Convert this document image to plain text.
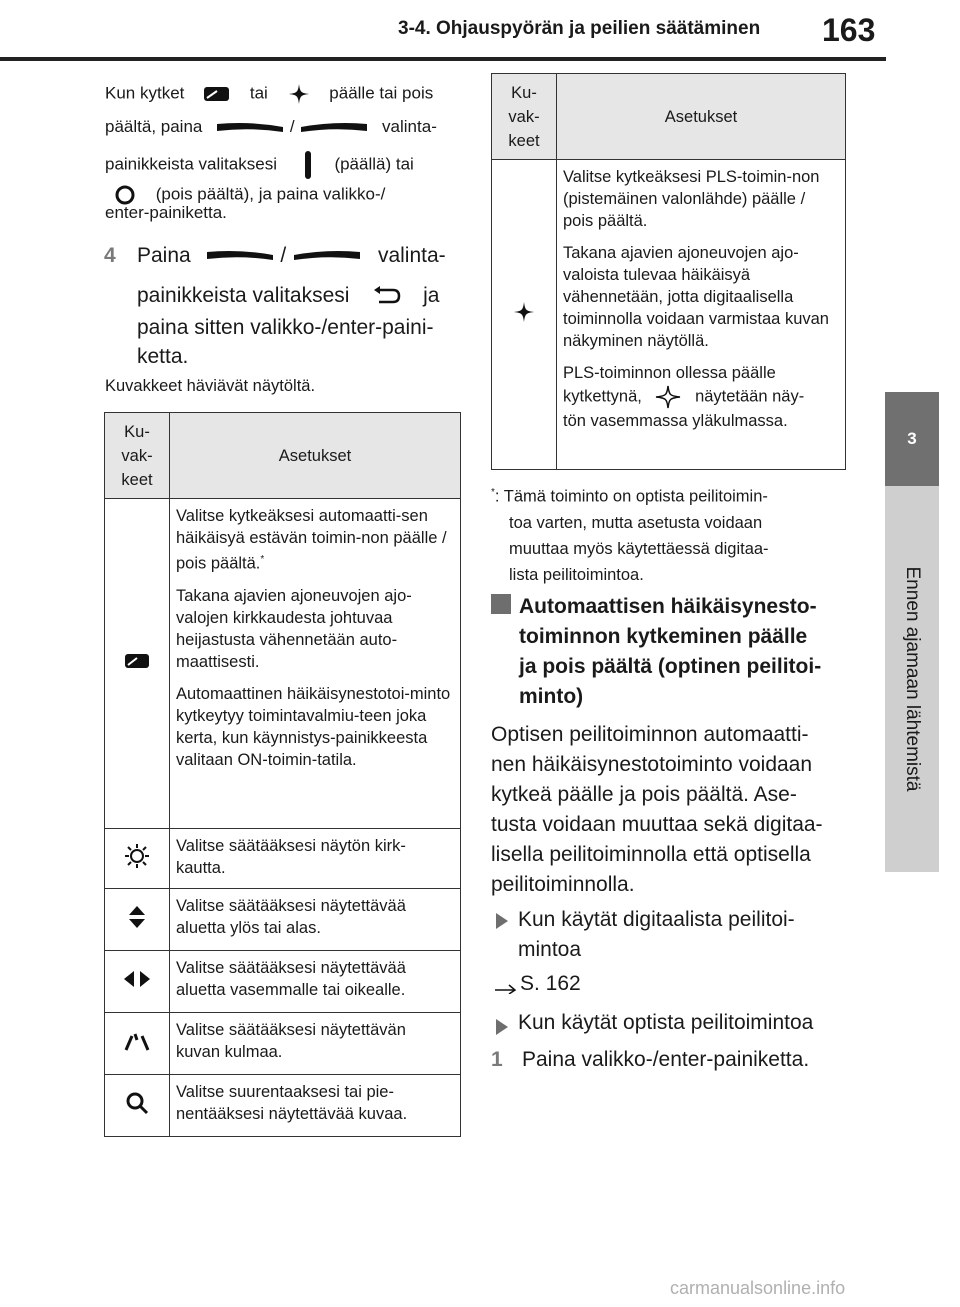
3-4. Ohjauspyörän ja peilien säätäminen 163
3
Ennen ajamaan lähtemistä
Kun kytket	tai	päälle tai pois
päältä, paina	/	valinta-
painikkeista valitaksesi	(päällä) tai
(pois päältä), ja paina valikko-/
enter-painiketta.
4 Paina	/	valinta-
painikkeista valitaksesi	ja
paina sitten valikko-/enter-paini-
ketta.
Kuvakkeet häviävät näytöltä.
Ku-
vak-
keet	Asetukset

Valitse kytkeäksesi automaatti-sen häikäisyä estävän toimin-non päälle / pois päältä.*

Takana ajavien ajoneuvojen ajo-valojen kirkkaudesta johtuvaa heijastusta vähennetään auto-maattisesti.

Automaattinen häikäisynestotoi-minto kytkeytyy toimintavalmiu-teen joka kerta, kun käynnistys-painikkeesta valitaan ON-toimin-tatila.

	Valitse säätääksesi näytön kirk-kautta.
	Valitse säätääksesi näytettävää aluetta ylös tai alas.
	Valitse säätääksesi näytettävää aluetta vasemmalle tai oikealle.
	Valitse säätääksesi näytettävän kuvan kulmaa.
	Valitse suurentaaksesi tai pie-nentääksesi näytettävää kuvaa.
Ku-
vak-
keet	Asetukset

Valitse kytkeäksesi PLS-toimin-non (pistemäinen valonlähde) päälle / pois päältä.

Takana ajavien ajoneuvojen ajo-valoista tulevaa häikäisyä vähennetään, jotta digitaalisella toiminnolla voidaan varmistaa kuvan näkyminen näytöllä.

PLS-toiminnon ollessa päälle
kytkettynä, näytetään näy-
tön vasemmassa yläkulmassa.

*: Tämä toiminto on optista peilitoimin-
toa varten, mutta asetusta voidaan
muuttaa myös käytettäessä digitaa-
lista peilitoimintoa.
Automaattisen häikäisynesto-
toiminnon kytkeminen päälle
ja pois päältä (optinen peilitoi-
minto)
Optisen peilitoiminnon automaatti-
nen häikäisynestotoiminto voidaan
kytkeä päälle ja pois päältä. Ase-
tusta voidaan muuttaa sekä digitaa-
lisella peilitoiminnolla että optisella
peilitoiminnolla.
Kun käytät digitaalista peilitoi-
mintoa
S. 162
Kun käytät optista peilitoimintoa
1 Paina valikko-/enter-painiketta.
carmanualsonline.info
